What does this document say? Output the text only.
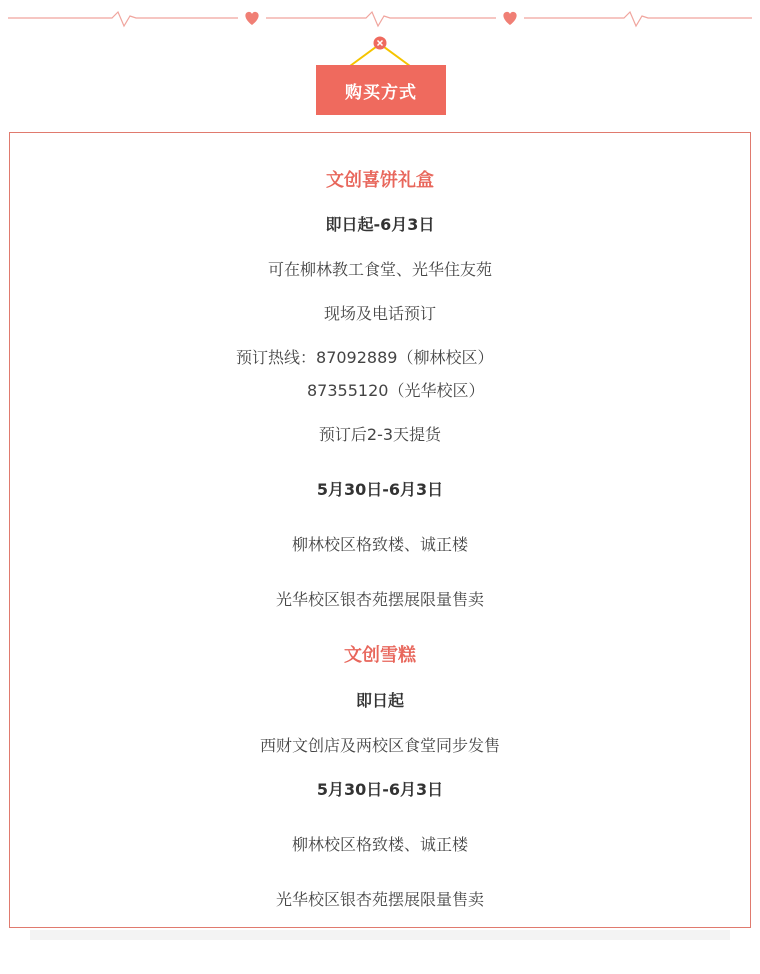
购买方式
文创喜饼礼盒
即日起-6月3日
可在柳林教工食堂、光华住友苑
现场及电话预订
预订热线：87092889（柳林校区）
87355120（光华校区）
预订后2-3天提货
5月30日-6月3日
柳林校区格致楼、诚正楼
光华校区银杏苑摆展限量售卖
文创雪糕
即日起
西财文创店及两校区食堂同步发售
5月30日-6月3日
柳林校区格致楼、诚正楼
光华校区银杏苑摆展限量售卖
